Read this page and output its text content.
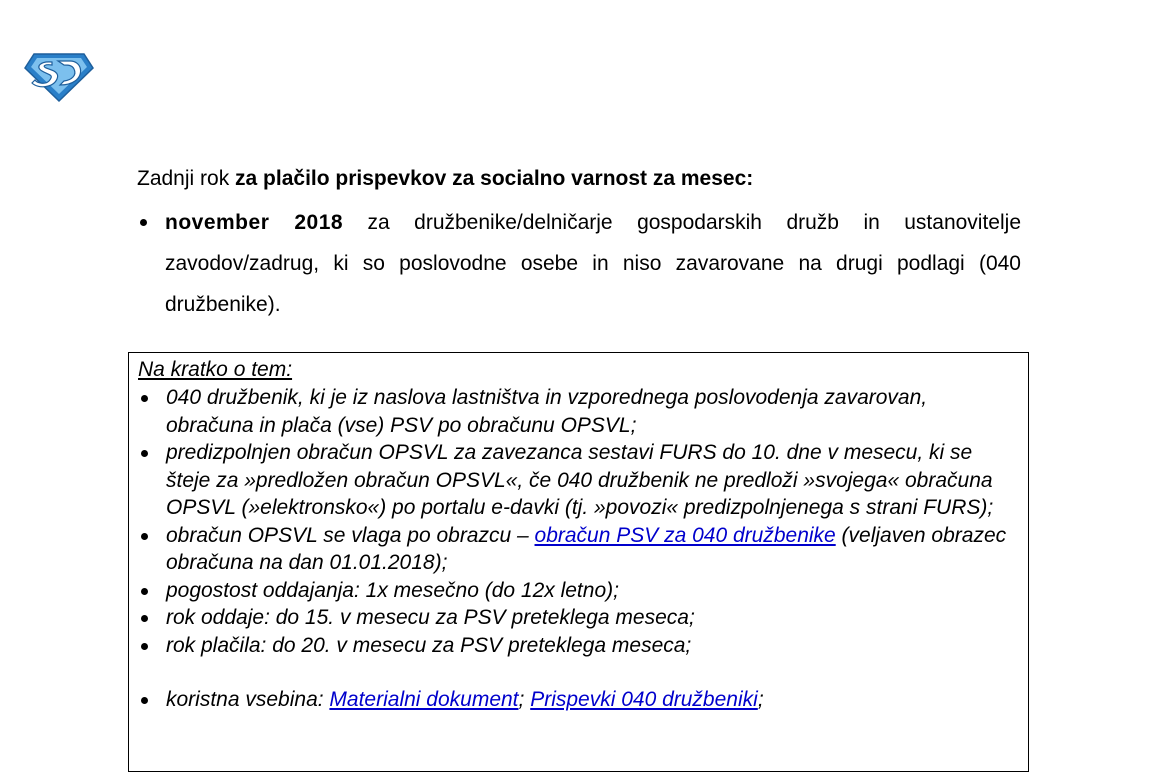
Zadnji rok za plačilo prispevkov za socialno varnost za mesec:
november 2018 za družbenike/delničarje gospodarskih družb in ustanovitelje zavodov/zadrug, ki so poslovodne osebe in niso zavarovane na drugi podlagi (040 družbenike).
Na kratko o tem:
040 družbenik, ki je iz naslova lastništva in vzporednega poslovodenja zavarovan, obračuna in plača (vse) PSV po obračunu OPSVL;
predizpolnjen obračun OPSVL za zavezanca sestavi FURS do 10. dne v mesecu, ki se šteje za »predložen obračun OPSVL«, če 040 družbenik ne predloži »svojega« obračuna OPSVL (»elektronsko«) po portalu e-davki (tj. »povozi« predizpolnjenega s strani FURS);
obračun OPSVL se vlaga po obrazcu – obračun PSV za 040 družbenike (veljaven obrazec obračuna na dan 01.01.2018);
pogostost oddajanja: 1x mesečno (do 12x letno);
rok oddaje: do 15. v mesecu za PSV preteklega meseca;
rok plačila: do 20. v mesecu za PSV preteklega meseca;
koristna vsebina: Materialni dokument; Prispevki 040 družbeniki;
